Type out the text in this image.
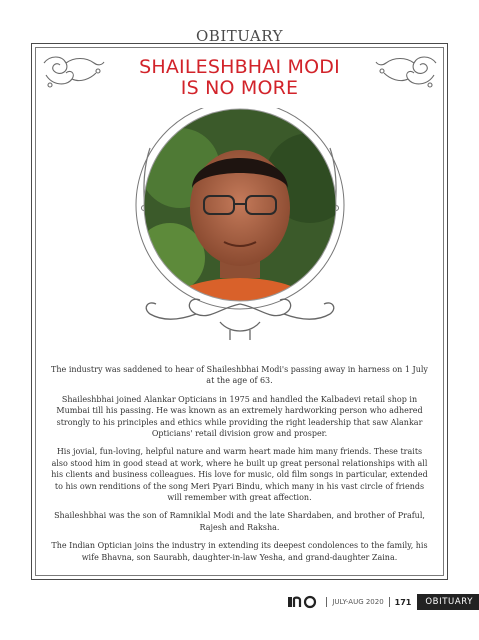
OBITUARY
SHAILESHBHAI MODI
IS NO MORE

The industry was saddened to hear of Shaileshbhai Modi's passing away in harness on 1 July at the age of 63.

Shaileshbhai joined Alankar Opticians in 1975 and handled the Kalbadevi retail shop in Mumbai till his passing. He was known as an extremely hardworking person who adhered strongly to his principles and ethics while providing the right leadership that saw Alankar Opticians' retail division grow and prosper.

His jovial, fun-loving, helpful nature and warm heart made him many friends. These traits also stood him in good stead at work, where he built up great personal relationships with all his clients and business colleagues. His love for music, old film songs in particular, extended to his own renditions of the song Meri Pyari Bindu, which many in his vast circle of friends will remember with great affection.

Shaileshbhai was the son of Ramniklal Modi and the late Shardaben, and brother of Praful, Rajesh and Raksha.

The Indian Optician joins the industry in extending its deepest condolences to the family, his wife Bhavna, son Saurabh, daughter-in-law Yesha, and grand-daughter Zaina.

JULY-AUG 2020 171	OBITUARY
